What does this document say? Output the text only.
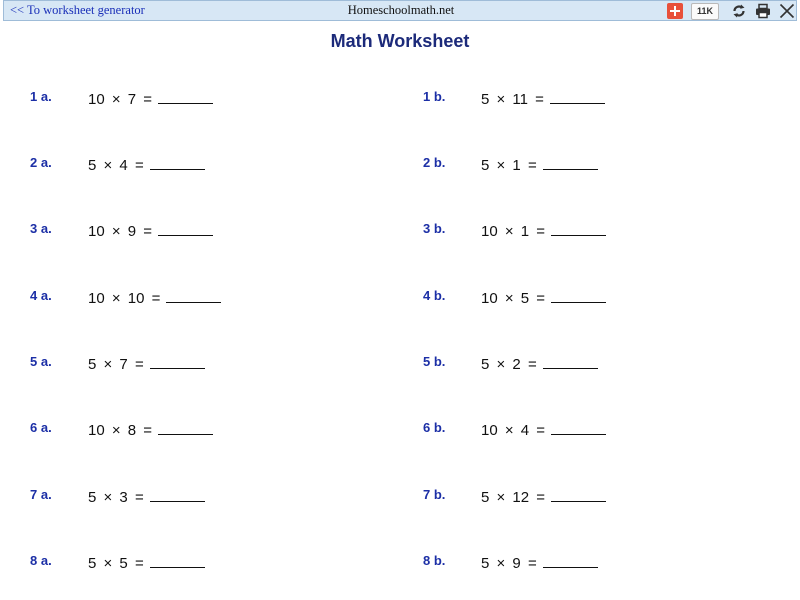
<< To worksheet generator	Homeschoolmath.net	11K
Math Worksheet
1 a. 10 × 7 =
2 a. 5 × 4 =
3 a. 10 × 9 =
4 a. 10 × 10 =
5 a. 5 × 7 =
6 a. 10 × 8 =
7 a. 5 × 3 =
8 a. 5 × 5 =
1 b. 5 × 11 =
2 b. 5 × 1 =
3 b. 10 × 1 =
4 b. 10 × 5 =
5 b. 5 × 2 =
6 b. 10 × 4 =
7 b. 5 × 12 =
8 b. 5 × 9 =
